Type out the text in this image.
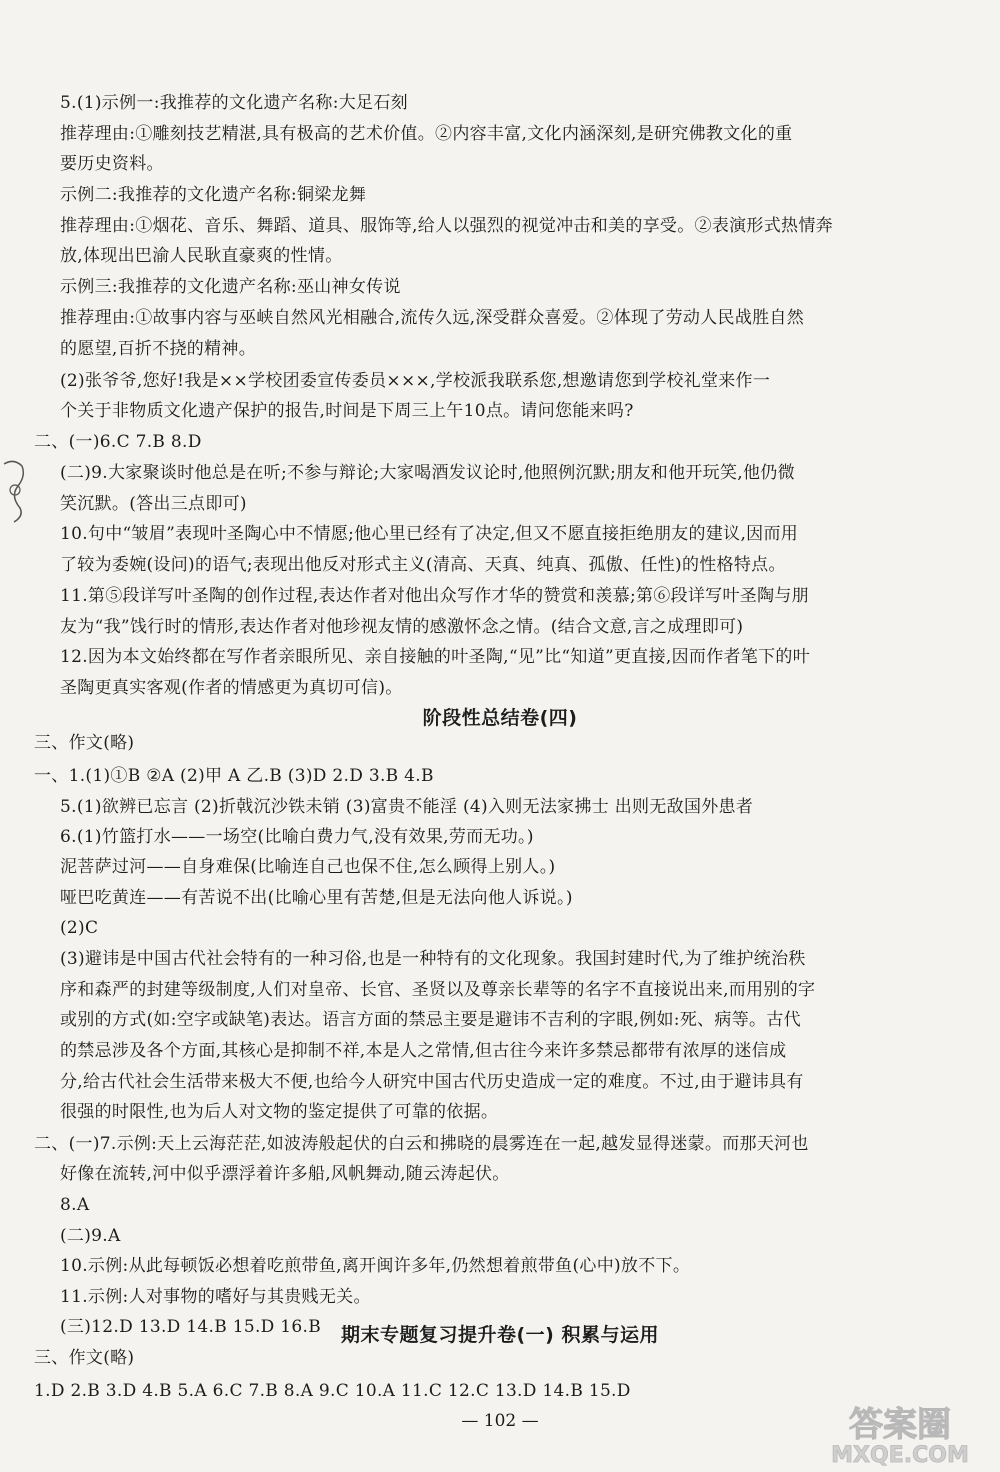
5.(1)示例一:我推荐的文化遗产名称:大足石刻
推荐理由:①雕刻技艺精湛,具有极高的艺术价值。②内容丰富,文化内涵深刻,是研究佛教文化的重
要历史资料。
示例二:我推荐的文化遗产名称:铜梁龙舞
推荐理由:①烟花、音乐、舞蹈、道具、服饰等,给人以强烈的视觉冲击和美的享受。②表演形式热情奔
放,体现出巴渝人民耿直豪爽的性情。
示例三:我推荐的文化遗产名称:巫山神女传说
推荐理由:①故事内容与巫峡自然风光相融合,流传久远,深受群众喜爱。②体现了劳动人民战胜自然
的愿望,百折不挠的精神。
(2)张爷爷,您好!我是××学校团委宣传委员×××,学校派我联系您,想邀请您到学校礼堂来作一
个关于非物质文化遗产保护的报告,时间是下周三上午10点。请问您能来吗?
二、(一)6.C 7.B 8.D
(二)9.大家聚谈时他总是在听;不参与辩论;大家喝酒发议论时,他照例沉默;朋友和他开玩笑,他仍微
笑沉默。(答出三点即可)
10.句中“皱眉”表现叶圣陶心中不情愿;他心里已经有了决定,但又不愿直接拒绝朋友的建议,因而用
了较为委婉(设问)的语气;表现出他反对形式主义(清高、天真、纯真、孤傲、任性)的性格特点。
11.第⑤段详写叶圣陶的创作过程,表达作者对他出众写作才华的赞赏和羡慕;第⑥段详写叶圣陶与朋
友为“我”饯行时的情形,表达作者对他珍视友情的感激怀念之情。(结合文意,言之成理即可)
12.因为本文始终都在写作者亲眼所见、亲自接触的叶圣陶,“见”比“知道”更直接,因而作者笔下的叶
圣陶更真实客观(作者的情感更为真切可信)。
三、作文(略)
一、1.(1)①B ②A (2)甲 A 乙.B (3)D 2.D 3.B 4.B
5.(1)欲辨已忘言 (2)折戟沉沙铁未销 (3)富贵不能淫 (4)入则无法家拂士 出则无敌国外患者
6.(1)竹篮打水——一场空(比喻白费力气,没有效果,劳而无功。)
泥菩萨过河——自身难保(比喻连自己也保不住,怎么顾得上别人。)
哑巴吃黄连——有苦说不出(比喻心里有苦楚,但是无法向他人诉说。)
(2)C
(3)避讳是中国古代社会特有的一种习俗,也是一种特有的文化现象。我国封建时代,为了维护统治秩
序和森严的封建等级制度,人们对皇帝、长官、圣贤以及尊亲长辈等的名字不直接说出来,而用别的字
或别的方式(如:空字或缺笔)表达。语言方面的禁忌主要是避讳不吉利的字眼,例如:死、病等。古代
的禁忌涉及各个方面,其核心是抑制不祥,本是人之常情,但古往今来许多禁忌都带有浓厚的迷信成
分,给古代社会生活带来极大不便,也给今人研究中国古代历史造成一定的难度。不过,由于避讳具有
很强的时限性,也为后人对文物的鉴定提供了可靠的依据。
二、(一)7.示例:天上云海茫茫,如波涛般起伏的白云和拂晓的晨雾连在一起,越发显得迷蒙。而那天河也
好像在流转,河中似乎漂浮着许多船,风帆舞动,随云涛起伏。
8.A
(二)9.A
10.示例:从此每顿饭必想着吃煎带鱼,离开闽许多年,仍然想着煎带鱼(心中)放不下。
11.示例:人对事物的嗜好与其贵贱无关。
(三)12.D 13.D 14.B 15.D 16.B
三、作文(略)
1.D 2.B 3.D 4.B 5.A 6.C 7.B 8.A 9.C 10.A 11.C 12.C 13.D 14.B 15.D
阶段性总结卷(四)
期末专题复习提升卷(一) 积累与运用
— 102 —	答案圈
MXQE.COM
